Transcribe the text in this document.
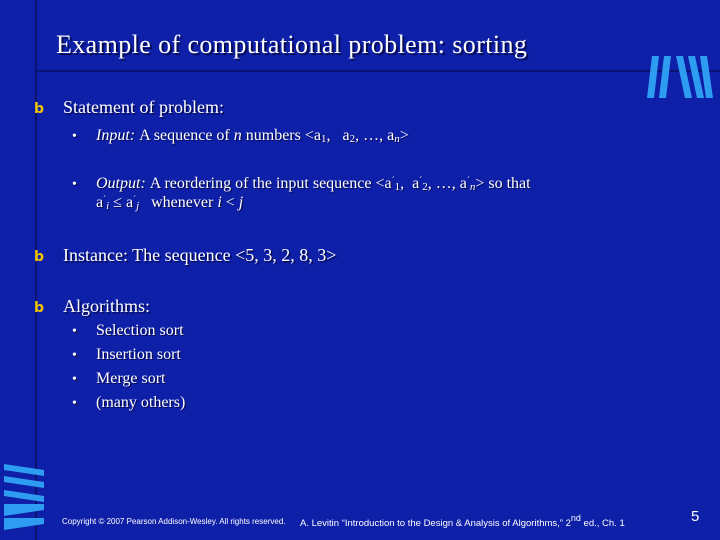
Example of computational problem: sorting
b	Statement of problem:
•	Input: A sequence of n numbers $<a_1$,   $a_2$, …, $a_n>$
•	Output: A reordering of the input sequence $<a^´_1$,  $a^´_2$, …, $a^´_n>$ so that
$a^´_i \le a^´_j$ whenever i < j
b	Instance: The sequence <5, 3, 2, 8, 3>
b	Algorithms:
•	Selection sort
•	Insertion sort
•	Merge sort
•	(many others)
Copyright © 2007 Pearson Addison-Wesley. All rights reserved. A. Levitin “Introduction to the Design & Analysis of Algorithms,” 2nd ed., Ch. 1	5
